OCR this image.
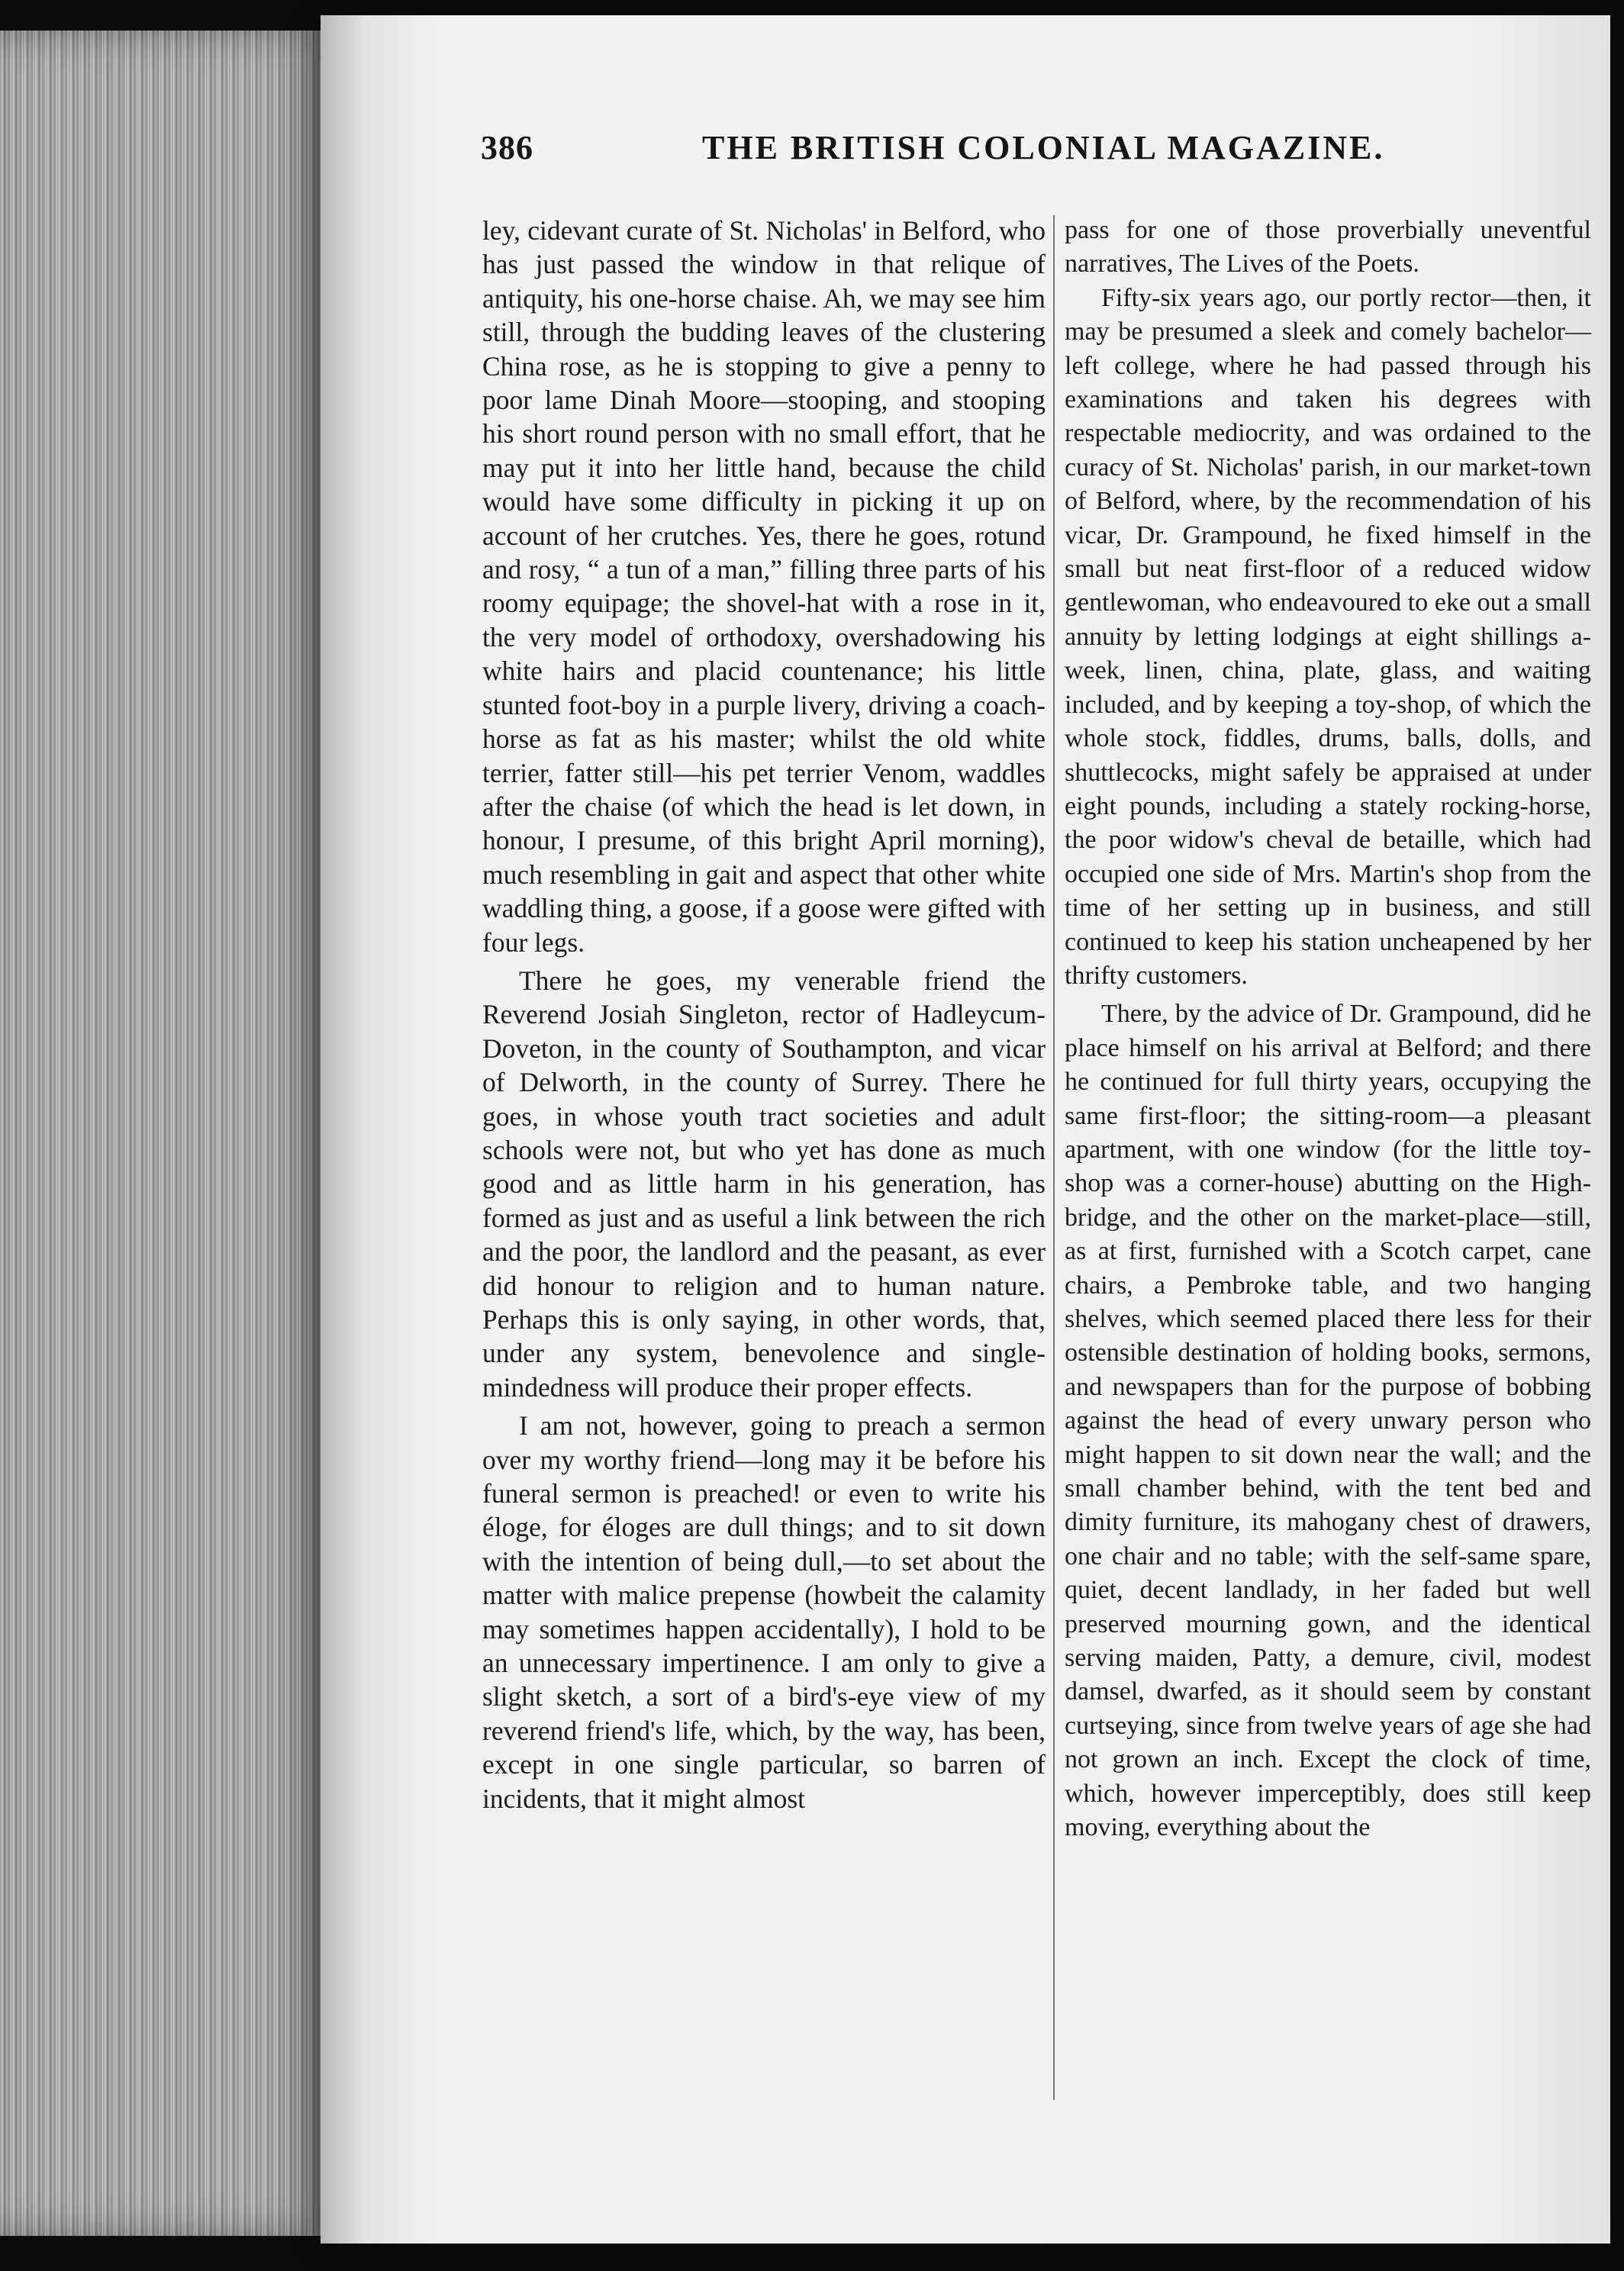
386	THE BRITISH COLONIAL MAGAZINE.

ley, cidevant curate of St. Nicholas' in Belford, who has just passed the window in that relique of antiquity, his one-horse chaise. Ah, we may see him still, through the budding leaves of the clustering China rose, as he is stopping to give a penny to poor lame Dinah Moore—stooping, and stooping his short round person with no small effort, that he may put it into her little hand, because the child would have some difficulty in picking it up on account of her crutches. Yes, there he goes, rotund and rosy, “ a tun of a man,” filling three parts of his roomy equipage; the shovel-hat with a rose in it, the very model of orthodoxy, overshadowing his white hairs and placid countenance; his little stunted foot-boy in a purple livery, driving a coach-horse as fat as his master; whilst the old white terrier, fatter still—his pet terrier Venom, waddles after the chaise (of which the head is let down, in honour, I presume, of this bright April morning), much resembling in gait and aspect that other white waddling thing, a goose, if a goose were gifted with four legs.

There he goes, my venerable friend the Reverend Josiah Singleton, rector of Hadleycum-Doveton, in the county of Southampton, and vicar of Delworth, in the county of Surrey. There he goes, in whose youth tract societies and adult schools were not, but who yet has done as much good and as little harm in his generation, has formed as just and as useful a link between the rich and the poor, the landlord and the peasant, as ever did honour to religion and to human nature. Perhaps this is only saying, in other words, that, under any system, benevolence and single-mindedness will produce their proper effects.

I am not, however, going to preach a sermon over my worthy friend—long may it be before his funeral sermon is preached! or even to write his éloge, for éloges are dull things; and to sit down with the intention of being dull,—to set about the matter with malice prepense (howbeit the calamity may sometimes happen accidentally), I hold to be an unnecessary impertinence. I am only to give a slight sketch, a sort of a bird's-eye view of my reverend friend's life, which, by the way, has been, except in one single particular, so barren of incidents, that it might almost

pass for one of those proverbially uneventful narratives, The Lives of the Poets.

Fifty-six years ago, our portly rector—then, it may be presumed a sleek and comely bachelor—left college, where he had passed through his examinations and taken his degrees with respectable mediocrity, and was ordained to the curacy of St. Nicholas' parish, in our market-town of Belford, where, by the recommendation of his vicar, Dr. Grampound, he fixed himself in the small but neat first-floor of a reduced widow gentlewoman, who endeavoured to eke out a small annuity by letting lodgings at eight shillings a-week, linen, china, plate, glass, and waiting included, and by keeping a toy-shop, of which the whole stock, fiddles, drums, balls, dolls, and shuttlecocks, might safely be appraised at under eight pounds, including a stately rocking-horse, the poor widow's cheval de betaille, which had occupied one side of Mrs. Martin's shop from the time of her setting up in business, and still continued to keep his station uncheapened by her thrifty customers.

There, by the advice of Dr. Grampound, did he place himself on his arrival at Belford; and there he continued for full thirty years, occupying the same first-floor; the sitting-room—a pleasant apartment, with one window (for the little toy-shop was a corner-house) abutting on the High-bridge, and the other on the market-place—still, as at first, furnished with a Scotch carpet, cane chairs, a Pembroke table, and two hanging shelves, which seemed placed there less for their ostensible destination of holding books, sermons, and newspapers than for the purpose of bobbing against the head of every unwary person who might happen to sit down near the wall; and the small chamber behind, with the tent bed and dimity furniture, its mahogany chest of drawers, one chair and no table; with the self-same spare, quiet, decent landlady, in her faded but well preserved mourning gown, and the identical serving maiden, Patty, a demure, civil, modest damsel, dwarfed, as it should seem by constant curtseying, since from twelve years of age she had not grown an inch. Except the clock of time, which, however imperceptibly, does still keep moving, everything about the
